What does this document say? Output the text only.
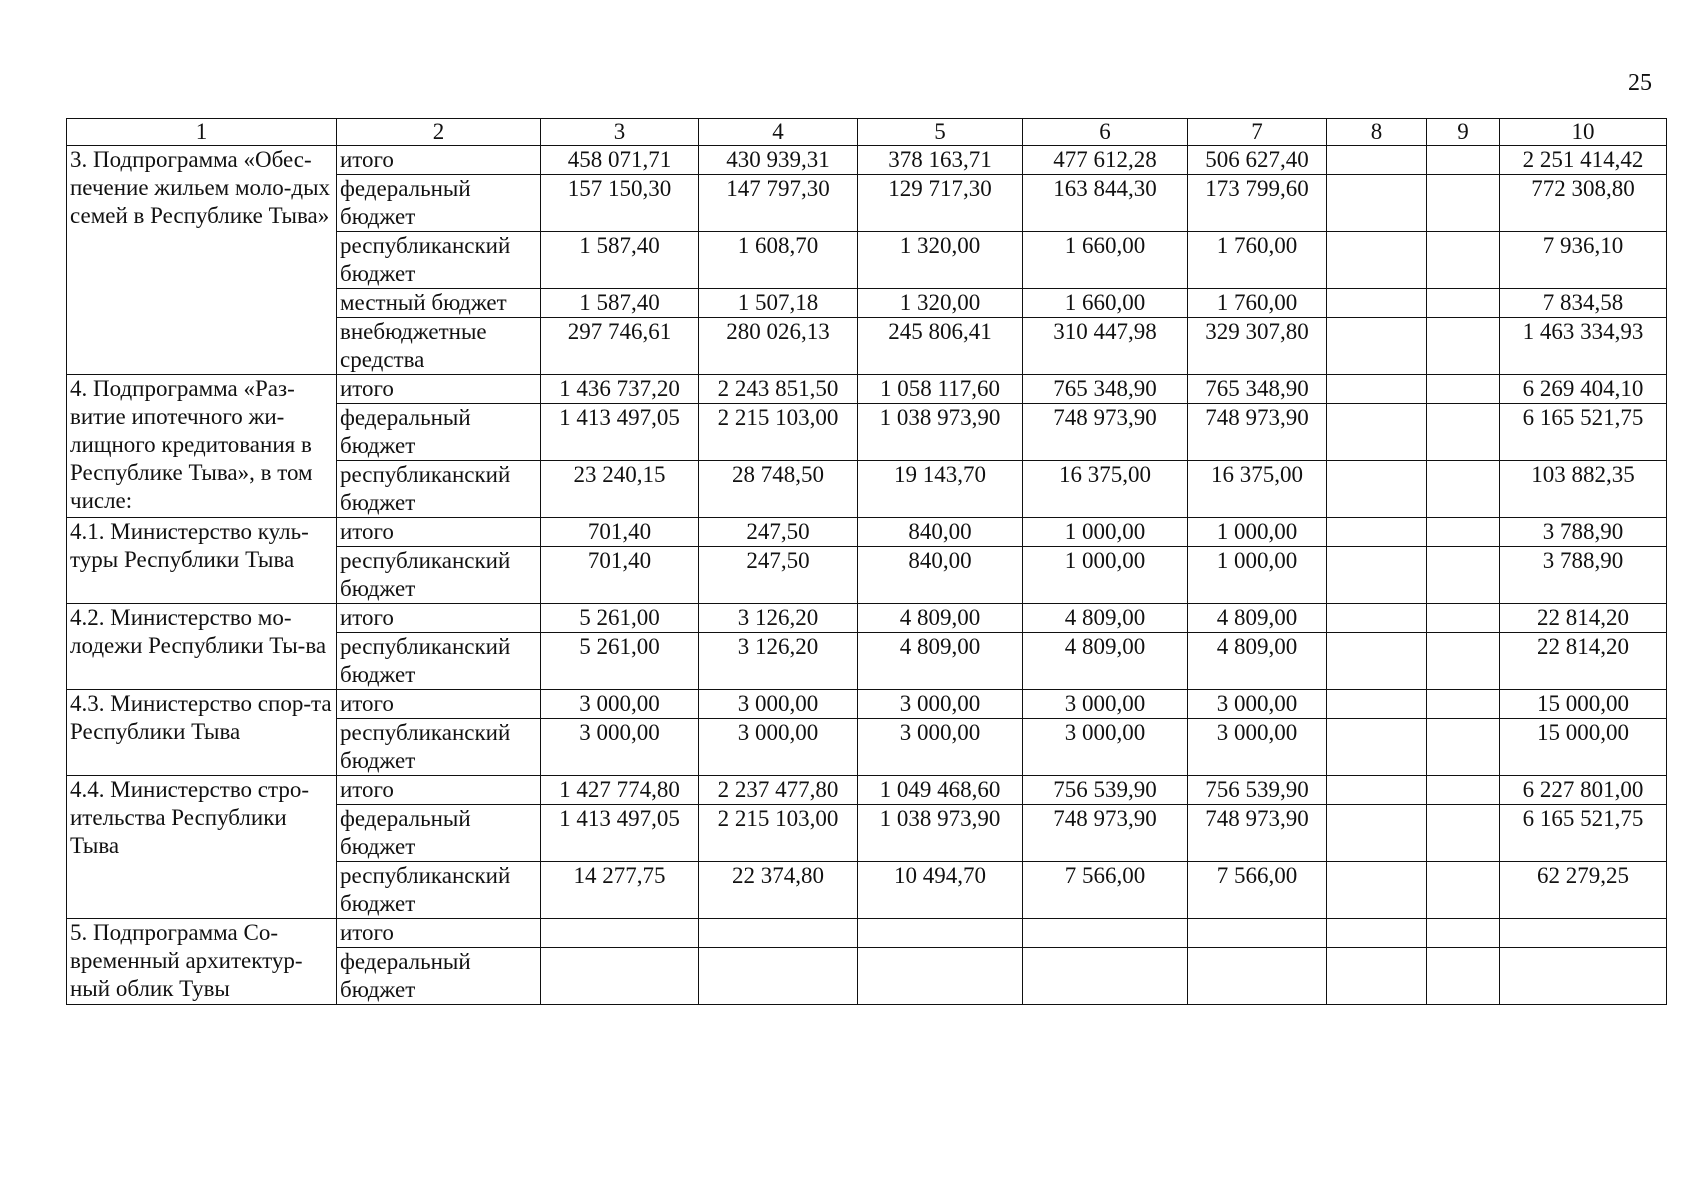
25
1	2	3	4	5	6	7	8	9	10
3. Подпрограмма «Обес-печение жильем моло-дых семей в Республике Тыва»	итого	458 071,71	430 939,31	378 163,71	477 612,28	506 627,40			2 251 414,42
	федеральный бюджет	157 150,30	147 797,30	129 717,30	163 844,30	173 799,60			772 308,80
	республиканский бюджет	1 587,40	1 608,70	1 320,00	1 660,00	1 760,00			7 936,10
	местный бюджет	1 587,40	1 507,18	1 320,00	1 660,00	1 760,00			7 834,58
	внебюджетные средства	297 746,61	280 026,13	245 806,41	310 447,98	329 307,80			1 463 334,93
4. Подпрограмма «Раз-витие ипотечного жи-лищного кредитования в Республике Тыва», в том числе:	итого	1 436 737,20	2 243 851,50	1 058 117,60	765 348,90	765 348,90			6 269 404,10
	федеральный бюджет	1 413 497,05	2 215 103,00	1 038 973,90	748 973,90	748 973,90			6 165 521,75
	республиканский бюджет	23 240,15	28 748,50	19 143,70	16 375,00	16 375,00			103 882,35
4.1. Министерство куль-туры Республики Тыва	итого	701,40	247,50	840,00	1 000,00	1 000,00			3 788,90
	республиканский бюджет	701,40	247,50	840,00	1 000,00	1 000,00			3 788,90
4.2. Министерство мо-лодежи Республики Ты-ва	итого	5 261,00	3 126,20	4 809,00	4 809,00	4 809,00			22 814,20
	республиканский бюджет	5 261,00	3 126,20	4 809,00	4 809,00	4 809,00			22 814,20
4.3. Министерство спор-та Республики Тыва	итого	3 000,00	3 000,00	3 000,00	3 000,00	3 000,00			15 000,00
	республиканский бюджет	3 000,00	3 000,00	3 000,00	3 000,00	3 000,00			15 000,00
4.4. Министерство стро-ительства Республики Тыва	итого	1 427 774,80	2 237 477,80	1 049 468,60	756 539,90	756 539,90			6 227 801,00
	федеральный бюджет	1 413 497,05	2 215 103,00	1 038 973,90	748 973,90	748 973,90			6 165 521,75
	республиканский бюджет	14 277,75	22 374,80	10 494,70	7 566,00	7 566,00			62 279,25
5. Подпрограмма Со-временный архитектур-ный облик Тувы	итого								
	федеральный бюджет								
